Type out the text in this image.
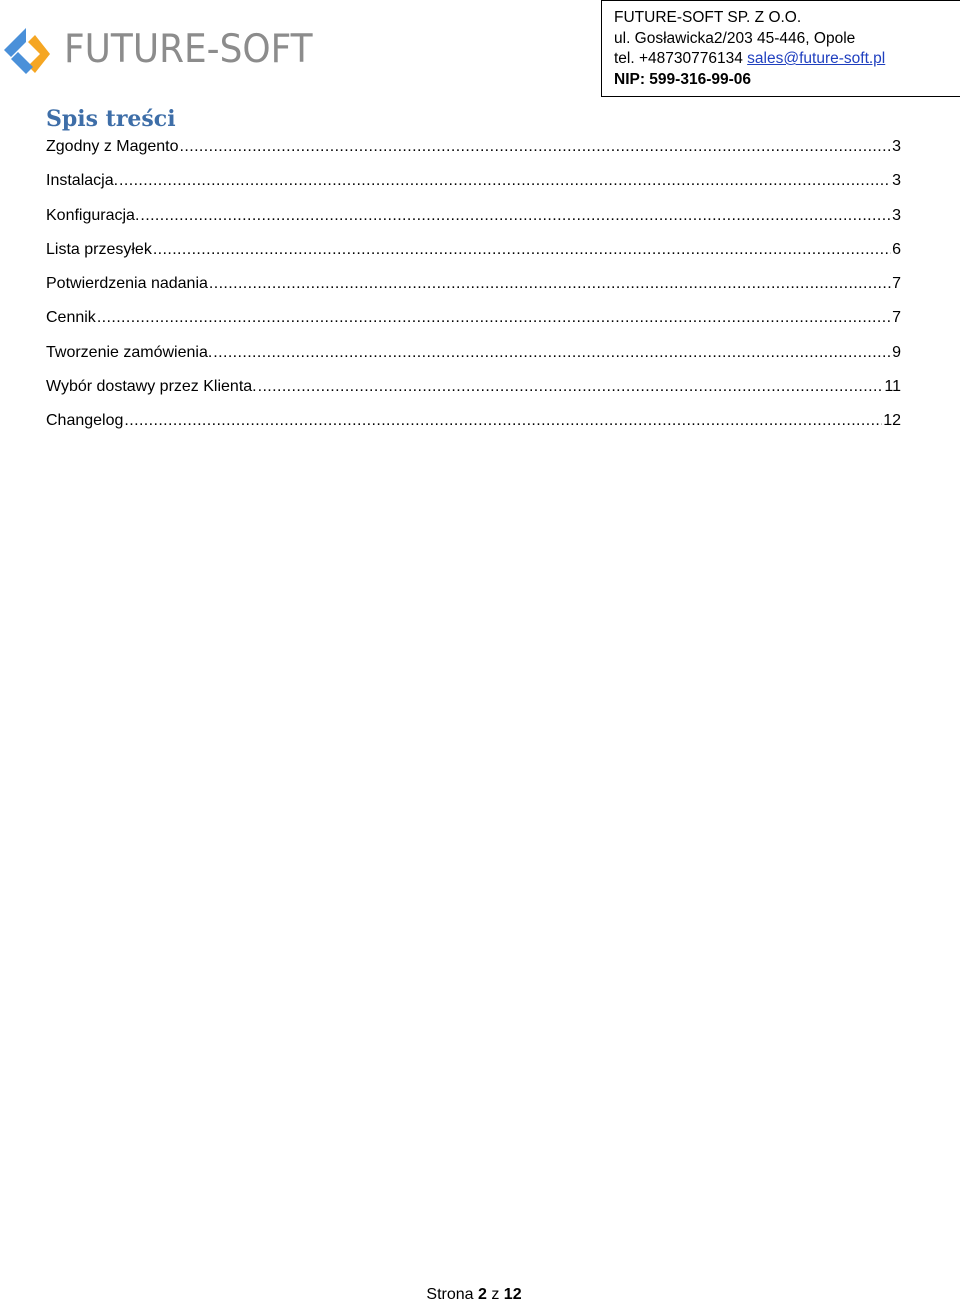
FUTURE-SOFT
FUTURE-SOFT SP. Z O.O.
ul. Gosławicka2/203 45-446, Opole
tel. +48730776134 sales@future-soft.pl
NIP: 599-316-99-06
Spis treści
Zgodny z Magento .....	3
Instalacja. .....	3
Konfiguracja. .....	3
Lista przesyłek .....	6
Potwierdzenia nadania .....	7
Cennik .....	7
Tworzenie zamówienia. .....	9
Wybór dostawy przez Klienta. .....	11
Changelog .....	12
Strona 2 z 12
